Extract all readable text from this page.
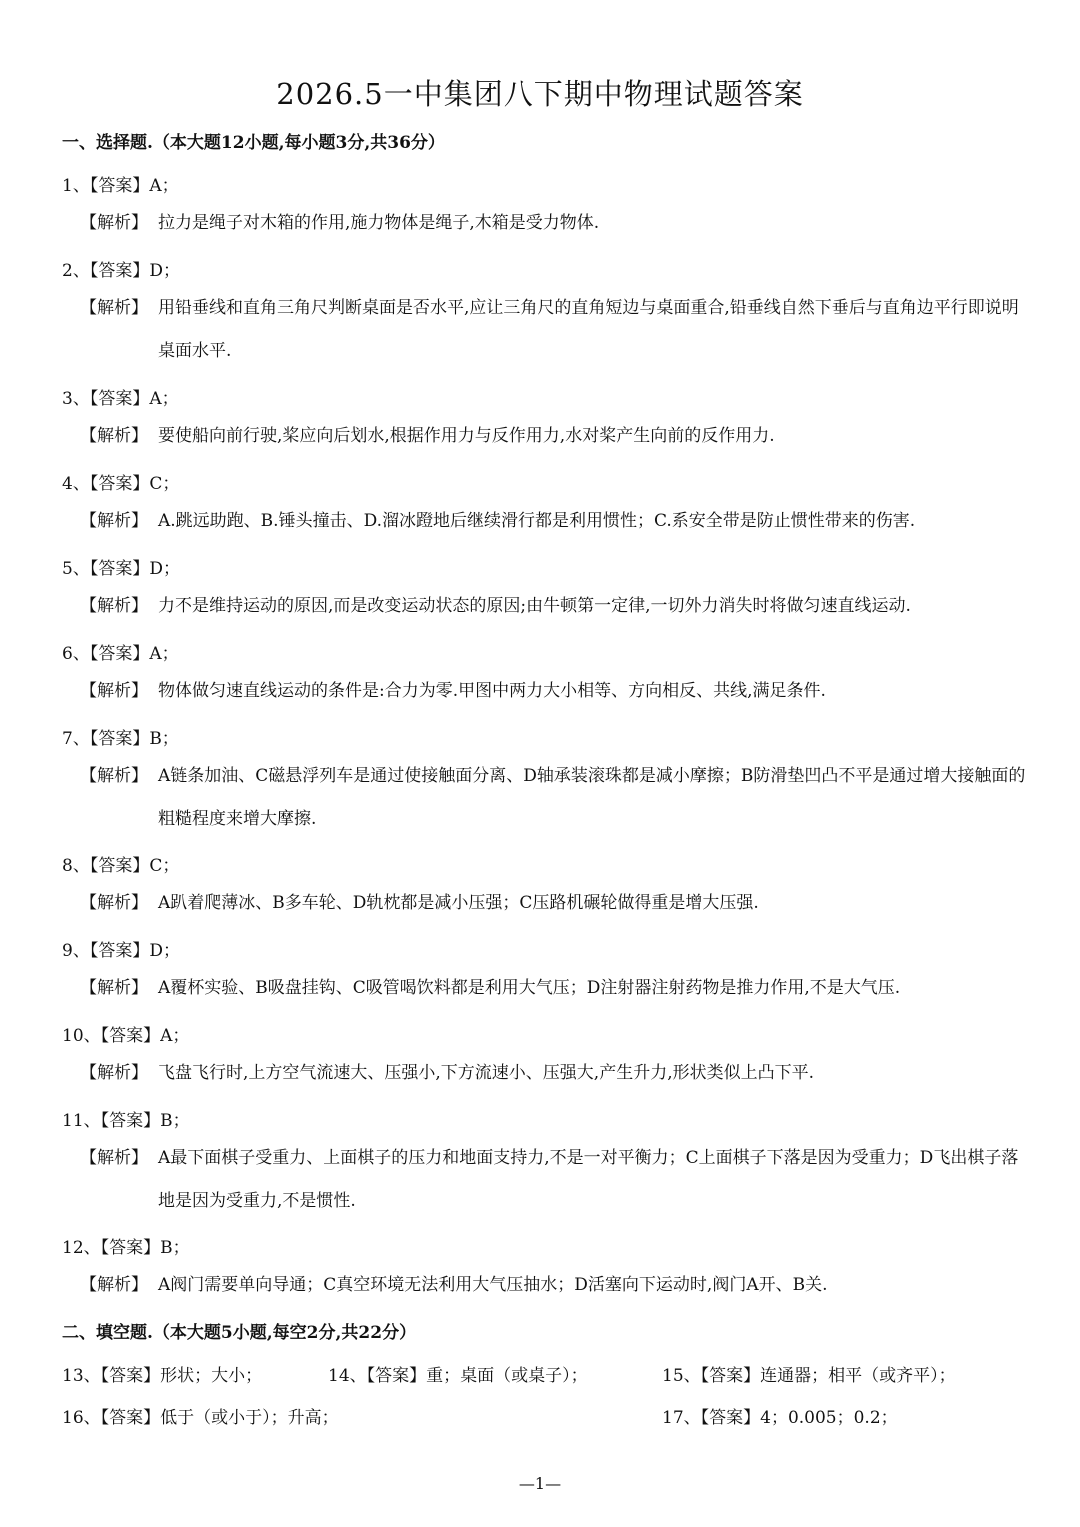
2026.5一中集团八下期中物理试题答案
一、选择题.（本大题12小题,每小题3分,共36分）
1、【答案】A；
【解析】 拉力是绳子对木箱的作用,施力物体是绳子,木箱是受力物体.
2、【答案】D；
【解析】 用铅垂线和直角三角尺判断桌面是否水平,应让三角尺的直角短边与桌面重合,铅垂线自然下垂后与直角边平行即说明桌面水平.
3、【答案】A；
【解析】 要使船向前行驶,桨应向后划水,根据作用力与反作用力,水对桨产生向前的反作用力.
4、【答案】C；
【解析】 A.跳远助跑、B.锤头撞击、D.溜冰蹬地后继续滑行都是利用惯性；C.系安全带是防止惯性带来的伤害.
5、【答案】D；
【解析】 力不是维持运动的原因,而是改变运动状态的原因;由牛顿第一定律,一切外力消失时将做匀速直线运动.
6、【答案】A；
【解析】 物体做匀速直线运动的条件是:合力为零.甲图中两力大小相等、方向相反、共线,满足条件.
7、【答案】B；
【解析】 A链条加油、C磁悬浮列车是通过使接触面分离、D轴承装滚珠都是减小摩擦；B防滑垫凹凸不平是通过增大接触面的粗糙程度来增大摩擦.
8、【答案】C；
【解析】 A趴着爬薄冰、B多车轮、D轨枕都是减小压强；C压路机碾轮做得重是增大压强.
9、【答案】D；
【解析】 A覆杯实验、B吸盘挂钩、C吸管喝饮料都是利用大气压；D注射器注射药物是推力作用,不是大气压.
10、【答案】A；
【解析】 飞盘飞行时,上方空气流速大、压强小,下方流速小、压强大,产生升力,形状类似上凸下平.
11、【答案】B；
【解析】 A最下面棋子受重力、上面棋子的压力和地面支持力,不是一对平衡力；C上面棋子下落是因为受重力；D飞出棋子落地是因为受重力,不是惯性.
12、【答案】B；
【解析】 A阀门需要单向导通；C真空环境无法利用大气压抽水；D活塞向下运动时,阀门A开、B关.
二、填空题.（本大题5小题,每空2分,共22分）
13、【答案】形状；大小；	14、【答案】重；桌面（或桌子）；	15、【答案】连通器；相平（或齐平）；
16、【答案】低于（或小于）；升高；	17、【答案】4；0.005；0.2；
—1—
